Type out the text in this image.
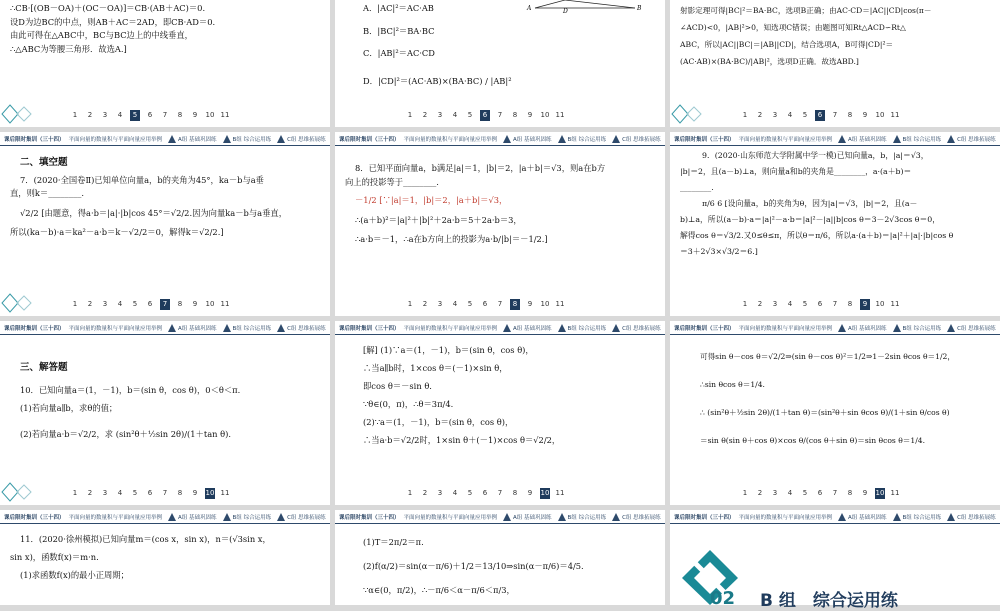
∴CB·[(OB－OA)＋(OC－OA)]＝CB·(AB＋AC)＝0.

设D为边BC的中点，则AB＋AC＝2AD，即CB·AD＝0.

由此可得在△ABC中，BC与BC边上的中线垂直，

∴△ABC为等腰三角形．故选A.]

1	2	3	4	5	6	7	8	9	10 11
A	D	B

A．|AC|²＝AC·AB

B．|BC|²＝BA·BC

C．|AB|²＝AC·CD

D．|CD|²＝(AC·AB)×(BA·BC) / |AB|²

1	2	3	4	5	6	7	8	9	10 11

射影定理可得|BC|²＝BA·BC，选项B正确；由AC·CD＝|AC||CD|cos(π－

∠ACD)<0，|AB|²>0，知选项C错误；由题图可知Rt△ACD∽Rt△

ABC，所以|AC||BC|＝|AB||CD|，结合选项A，B可得|CD|²＝

(AC·AB)×(BA·BC)/|AB|²，选项D正确．故选ABD.]

1	2	3	4	5	6	7	8	9	10 11
课后限时集训（三十四） 平面向量的数量积与平面向量应用举例	A组 基础巩固练	B组 综合运用练	C组 思维拓展练

二、填空题

7．(2020·全国卷Ⅱ)已知单位向量a，b的夹角为45°，ka－b与a垂

直，则k＝________.

√2/2 [由题意，得a·b＝|a|·|b|cos 45°＝√2/2.因为向量ka－b与a垂直，

所以(ka－b)·a＝ka²－a·b＝k－√2/2＝0，解得k＝√2/2.]

1	2	3	4	5	6	7	8	9	10 11
课后限时集训（三十四） 平面向量的数量积与平面向量应用举例	A组 基础巩固练	B组 综合运用练	C组 思维拓展练

8．已知平面向量a，b满足|a|＝1，|b|＝2，|a＋b|＝√3，则a在b方

向上的投影等于________.

－1/2 [∵|a|＝1，|b|＝2，|a＋b|＝√3，

∴(a＋b)²＝|a|²＋|b|²＋2a·b＝5＋2a·b＝3，

∴a·b＝－1，∴a在b方向上的投影为a·b/|b|＝－1/2.]

1	2	3	4	5	6	7	8	9	10 11
课后限时集训（三十四） 平面向量的数量积与平面向量应用举例	A组 基础巩固练	B组 综合运用练	C组 思维拓展练

9．(2020·山东师范大学附属中学一模)已知向量a，b，|a|＝√3，

|b|＝2，且(a－b)⊥a，则向量a和b的夹角是________，a·(a＋b)＝

________.

π/6 6 [设向量a，b的夹角为θ，因为|a|＝√3，|b|＝2，且(a－

b)⊥a，所以(a－b)·a＝|a|²－a·b＝|a|²－|a||b|cos θ＝3－2√3cos θ＝0，

解得cos θ＝√3/2.又0≤θ≤π，所以θ＝π/6，所以a·(a＋b)＝|a|²＋|a|·|b|cos θ

＝3＋2√3×√3/2＝6.]

1	2	3	4	5	6	7	8	9	10 11
课后限时集训（三十四） 平面向量的数量积与平面向量应用举例	A组 基础巩固练	B组 综合运用练	C组 思维拓展练

三、解答题

10．已知向量a＝(1，－1)，b＝(sin θ，cos θ)，0＜θ＜π.

(1)若向量a∥b，求θ的值；

(2)若向量a·b＝√2/2，求 (sin²θ＋½sin 2θ)/(1＋tan θ).

1	2	3	4	5	6	7	8	9	10 11
课后限时集训（三十四） 平面向量的数量积与平面向量应用举例	A组 基础巩固练	B组 综合运用练	C组 思维拓展练

[解] (1)∵a＝(1，－1)，b＝(sin θ，cos θ)，

∴当a∥b时，1×cos θ＝(－1)×sin θ，

即cos θ＝－sin θ.

∵θ∈(0，π)，∴θ＝3π/4.

(2)∵a＝(1，－1)，b＝(sin θ，cos θ)，

∴当a·b＝√2/2时，1×sin θ＋(－1)×cos θ＝√2/2，

1	2	3	4	5	6	7	8	9	10 11
课后限时集训（三十四） 平面向量的数量积与平面向量应用举例	A组 基础巩固练	B组 综合运用练	C组 思维拓展练

可得sin θ－cos θ＝√2/2⇒(sin θ－cos θ)²＝1/2⇒1－2sin θcos θ＝1/2，

∴sin θcos θ＝1/4.

∴ (sin²θ＋½sin 2θ)/(1＋tan θ)＝(sin²θ＋sin θcos θ)/(1＋sin θ/cos θ)

＝sin θ(sin θ＋cos θ)×cos θ/(cos θ＋sin θ)＝sin θcos θ＝1/4.

1	2	3	4	5	6	7	8	9	10 11
课后限时集训（三十四） 平面向量的数量积与平面向量应用举例	A组 基础巩固练	B组 综合运用练	C组 思维拓展练

11．(2020·徐州模拟)已知向量m＝(cos x，sin x)，n＝(√3sin x，

sin x)，函数f(x)＝m·n.

(1)求函数f(x)的最小正周期；

课后限时集训（三十四） 平面向量的数量积与平面向量应用举例	A组 基础巩固练	B组 综合运用练	C组 思维拓展练

(1)T＝2π/2＝π.

(2)f(α/2)＝sin(α－π/6)＋1/2＝13/10⇒sin(α－π/6)＝4/5.

∵α∈(0，π/2)，∴－π/6＜α－π/6＜π/3，

课后限时集训（三十四） 平面向量的数量积与平面向量应用举例	A组 基础巩固练	B组 综合运用练	C组 思维拓展练
02 B 组　综合运用练
